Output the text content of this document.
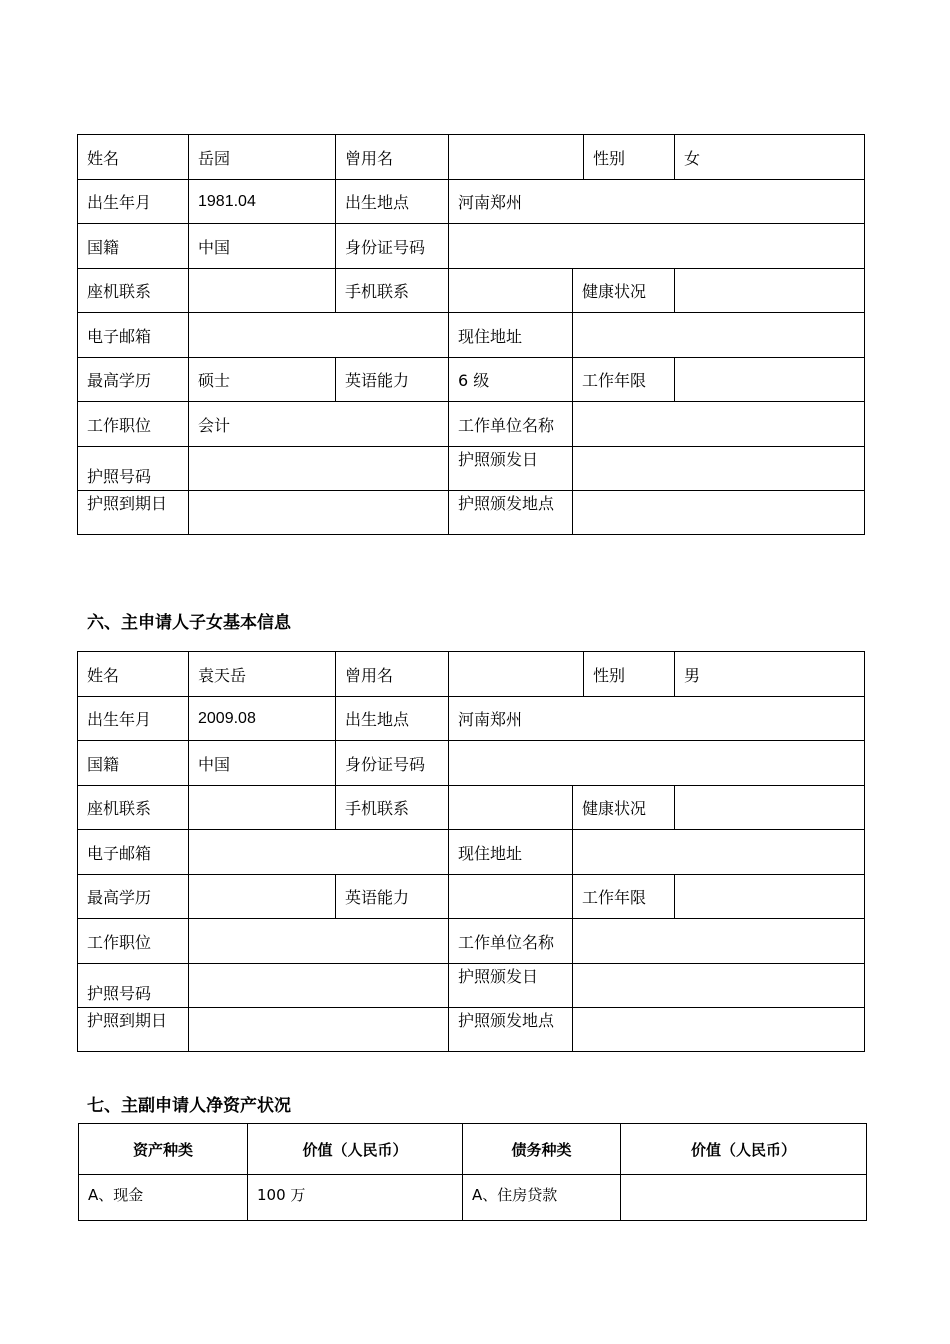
姓名	岳园	曾用名			性别	女
出生年月	1981.04	出生地点	河南郑州			
国籍	中国	身份证号码				
座机联系		手机联系		健康状况		
电子邮箱			现住地址			
最高学历	硕士	英语能力	6 级	工作年限		
工作职位	会计		工作单位名称			
护照号码			护照颁发日			
护照到期日			护照颁发地点			
六、主申请人子女基本信息
姓名	袁天岳	曾用名			性别	男
出生年月	2009.08	出生地点	河南郑州			
国籍	中国	身份证号码				
座机联系		手机联系		健康状况		
电子邮箱			现住地址			
最高学历		英语能力		工作年限		
工作职位			工作单位名称			
护照号码			护照颁发日			
护照到期日			护照颁发地点			
七、主副申请人净资产状况
资产种类	价值（人民币）	债务种类	价值（人民币）
A、现金	100 万	A、住房贷款	
